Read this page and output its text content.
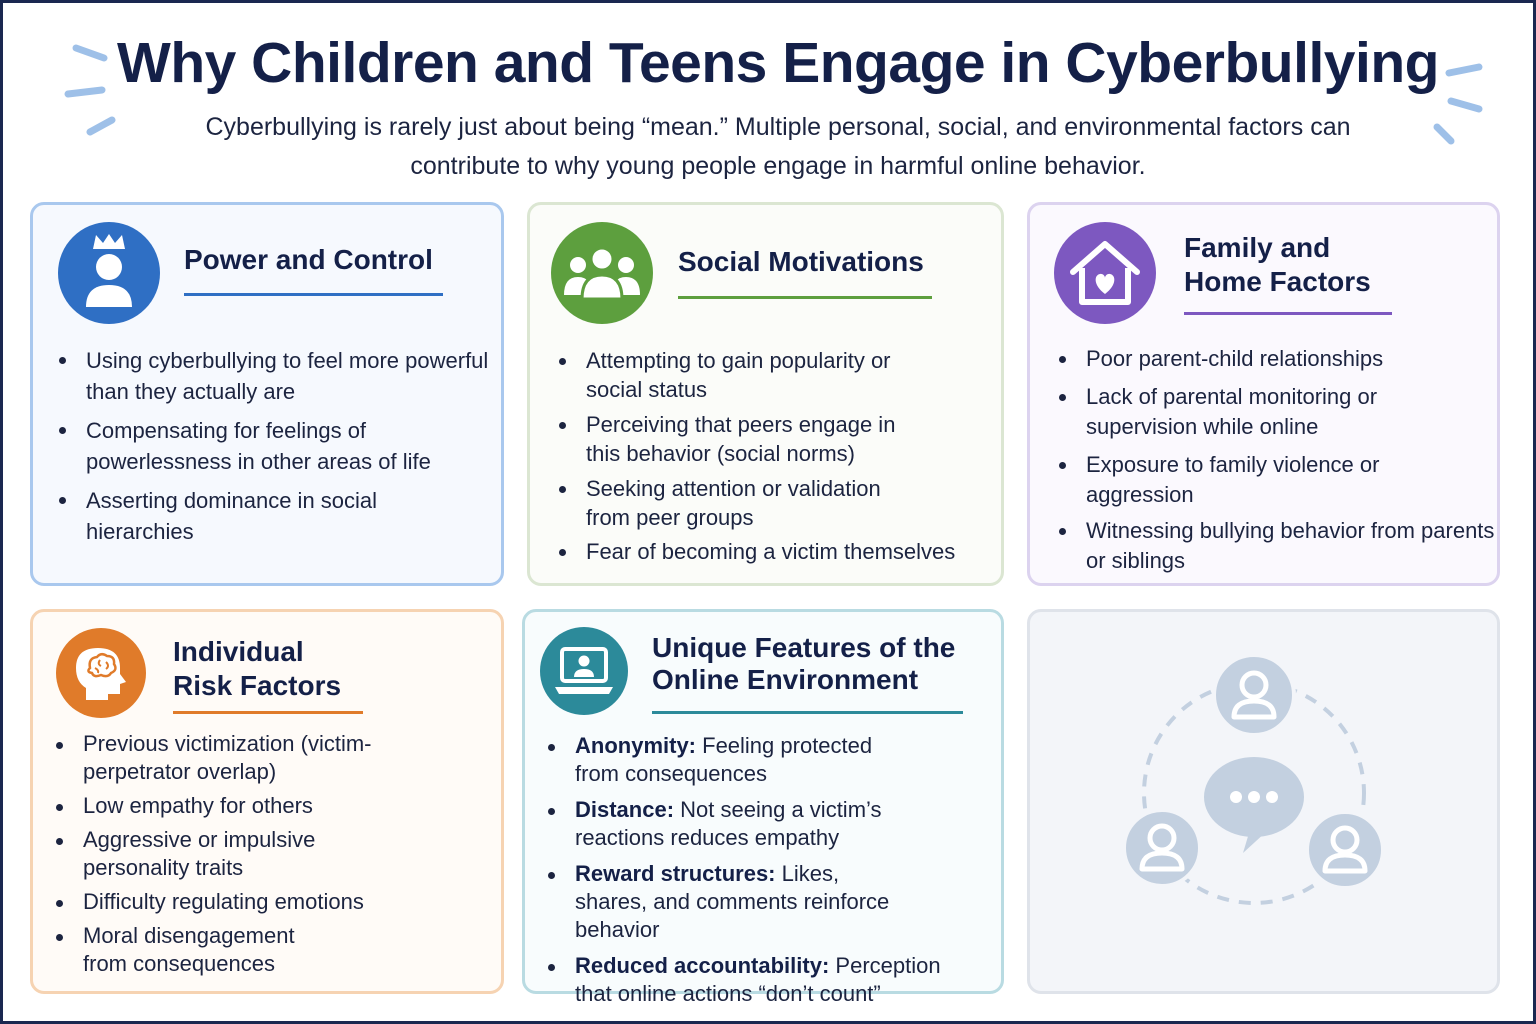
Why Children and Teens Engage in Cyberbullying
Cyberbullying is rarely just about being “mean.” Multiple personal, social, and environmental factors can contribute to why young people engage in harmful online behavior.
Power and Control
Using cyberbullying to feel more powerful than they actually are
Compensating for feelings of powerlessness in other areas of life
Asserting dominance in social hierarchies
Social Motivations
Attempting to gain popularity or social status
Perceiving that peers engage in this behavior (social norms)
Seeking attention or validation from peer groups
Fear of becoming a victim themselves
Family and Home Factors
Poor parent-child relationships
Lack of parental monitoring or supervision while online
Exposure to family violence or aggression
Witnessing bullying behavior from parents or siblings
Individual Risk Factors
Previous victimization (victim-perpetrator overlap)
Low empathy for others
Aggressive or impulsive personality traits
Difficulty regulating emotions
Moral disengagement from consequences
Unique Features of the Online Environment
Anonymity: Feeling protected from consequences
Distance: Not seeing a victim’s reactions reduces empathy
Reward structures: Likes, shares, and comments reinforce behavior
Reduced accountability: Perception that online actions “don’t count”
